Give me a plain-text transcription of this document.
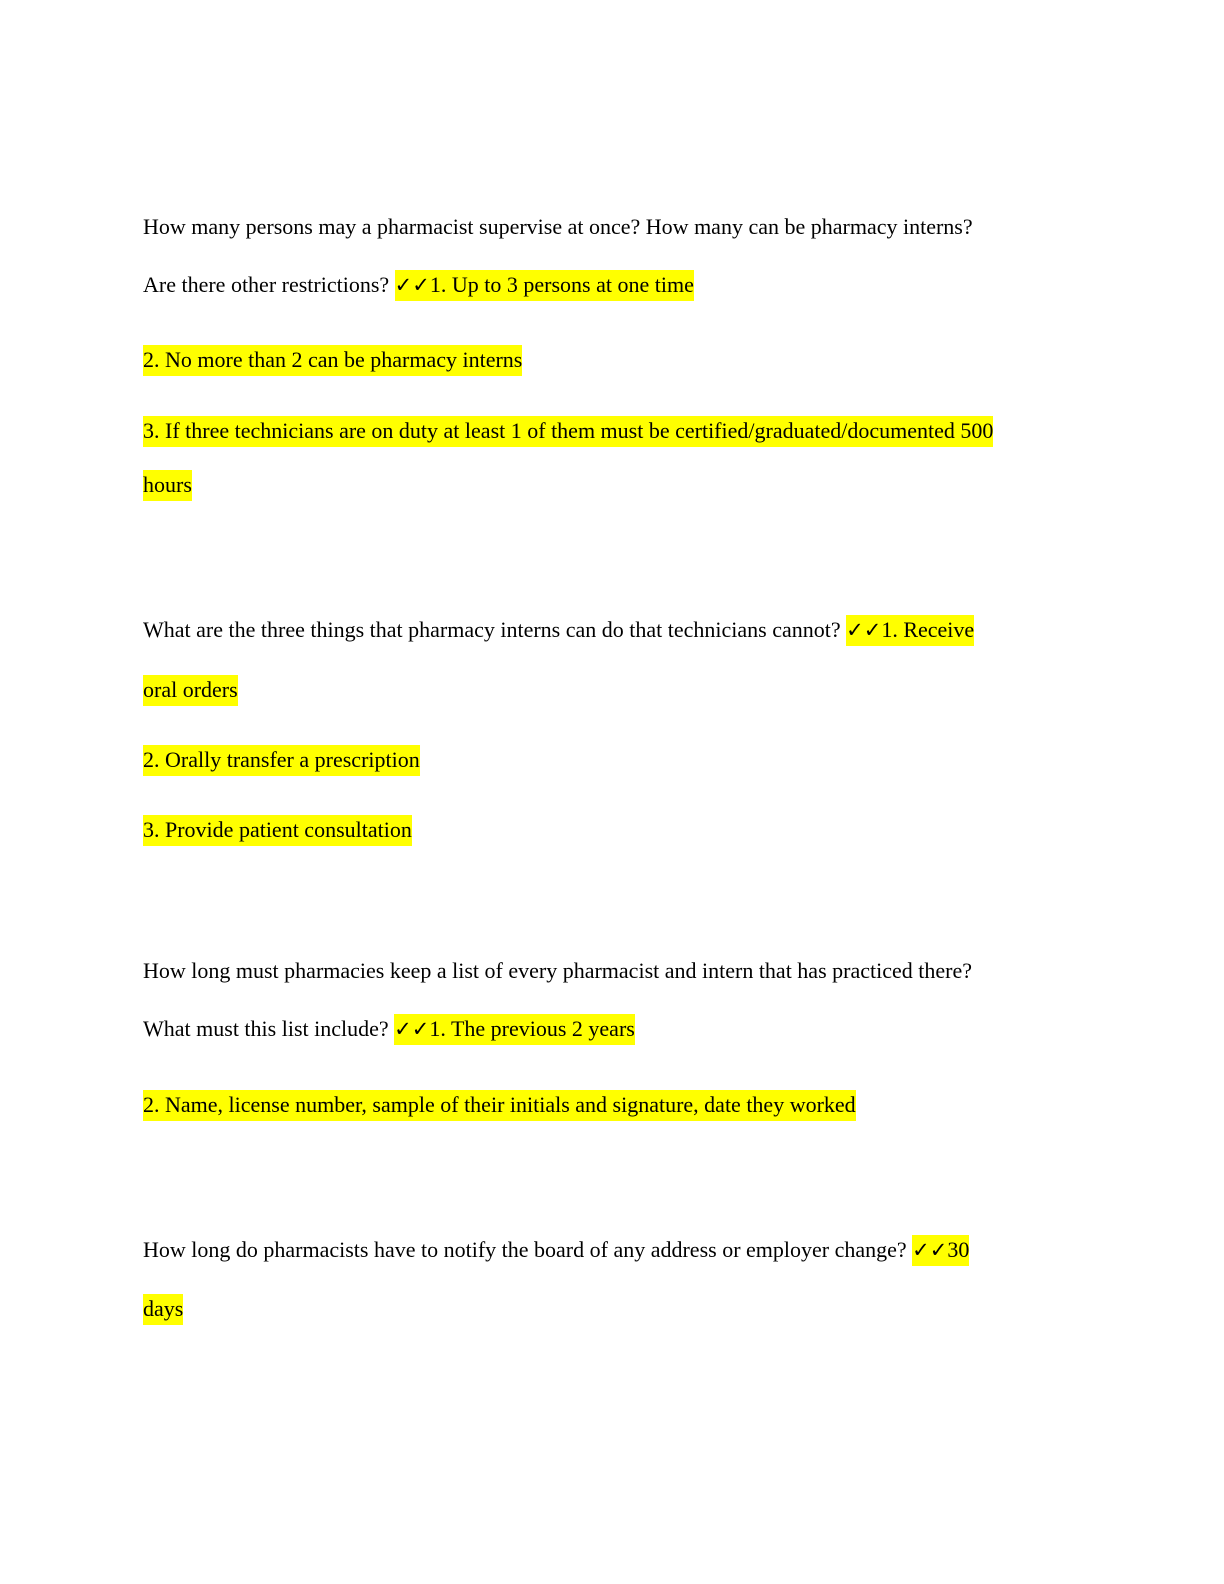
How many persons may a pharmacist supervise at once? How many can be pharmacy interns?
Are there other restrictions? ✓✓1. Up to 3 persons at one time
2. No more than 2 can be pharmacy interns
3. If three technicians are on duty at least 1 of them must be certified/graduated/documented 500
hours
What are the three things that pharmacy interns can do that technicians cannot? ✓✓1. Receive
oral orders
2. Orally transfer a prescription
3. Provide patient consultation
How long must pharmacies keep a list of every pharmacist and intern that has practiced there?
What must this list include? ✓✓1. The previous 2 years
2. Name, license number, sample of their initials and signature, date they worked
How long do pharmacists have to notify the board of any address or employer change? ✓✓30
days
